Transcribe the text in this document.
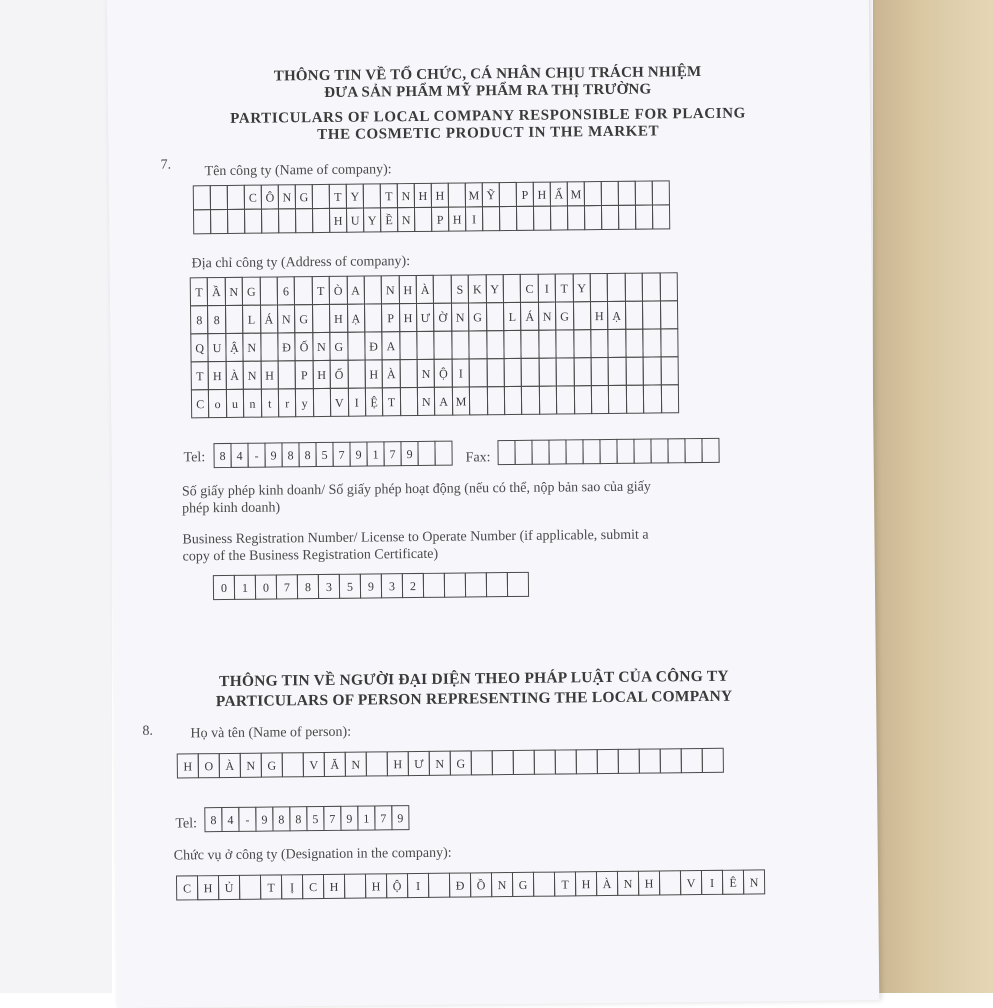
THÔNG TIN VỀ TỔ CHỨC, CÁ NHÂN CHỊU TRÁCH NHIỆM
ĐƯA SẢN PHẨM MỸ PHẨM RA THỊ TRƯỜNG
PARTICULARS OF LOCAL COMPANY RESPONSIBLE FOR PLACING
THE COSMETIC PRODUCT IN THE MARKET
7. Tên công ty (Name of company):
C Ô N G	T Y	T N H H	M Ỹ	P H Ẩ M
H U Y Ề N	P H I
Địa chỉ công ty (Address of company):
T Ầ N G	6	T Ò A	N H À	S K Y	C I T Y
8 8	L Á N G	H Ạ	P H Ư Ờ N G	L Á N G	H Ạ
Q U Ậ N	Đ Ố N G	Đ A
T H À N H	P H Ố	H À	N Ộ I
C o u n	t	r	y	V I Ệ T	N A M
Tel:	8 4 - 9 8 8 5 7 9 1 7 9	Fax:
Số giấy phép kinh doanh/ Số giấy phép hoạt động (nếu có thể, nộp bản sao của giấy
phép kinh doanh)
Business Registration Number/ License to Operate Number (if applicable, submit a
copy of the Business Registration Certificate)
0	1	0	7	8	3	5	9	3	2
THÔNG TIN VỀ NGƯỜI ĐẠI DIỆN THEO PHÁP LUẬT CỦA CÔNG TY
PARTICULARS OF PERSON REPRESENTING THE LOCAL COMPANY
8.	Họ và tên (Name of person):
H	O	À	N	G	V	Ă	N	H Ư N	G
Tel:	8 4 - 9 8 8 5 7 9 1 7 9
Chức vụ ở công ty (Designation in the company):
C	H	Ủ	T	Ị	C	H	H	Ộ	I	Đ	Ồ	N	G	T	H	À	N	H	V	I	Ê	N
